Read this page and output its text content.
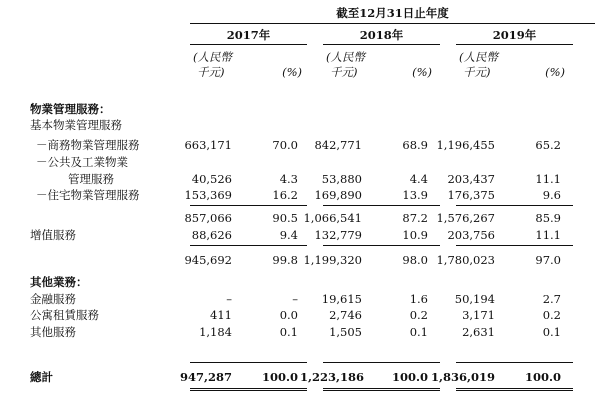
截至12月31日止年度
2017年	2018年	2019年
(人民幣
千元)	(%)
(人民幣
千元)	(%)
(人民幣
千元)	(%)
物業管理服務：
基本物業管理服務
－商務物業管理服務	663,171	70.0	842,771	68.9 1,196,455	65.2
－公共及工業物業
管理服務	40,526	4.3	53,880	4.4	203,437	11.1
－住宅物業管理服務	153,369	16.2	169,890	13.9	176,375	9.6
857,066	90.5 1,066,541	87.2 1,576,267	85.9
增值服務	88,626	9.4	132,779	10.9	203,756	11.1
945,692	99.8 1,199,320	98.0 1,780,023	97.0
其他業務：
金融服務	–	–	19,615	1.6	50,194	2.7
公寓租賃服務	411	0.0	2,746	0.2	3,171	0.2
其他服務	1,184	0.1	1,505	0.1	2,631	0.1
總計	947,287	100.0 1,223,186	100.0 1,836,019	100.0
